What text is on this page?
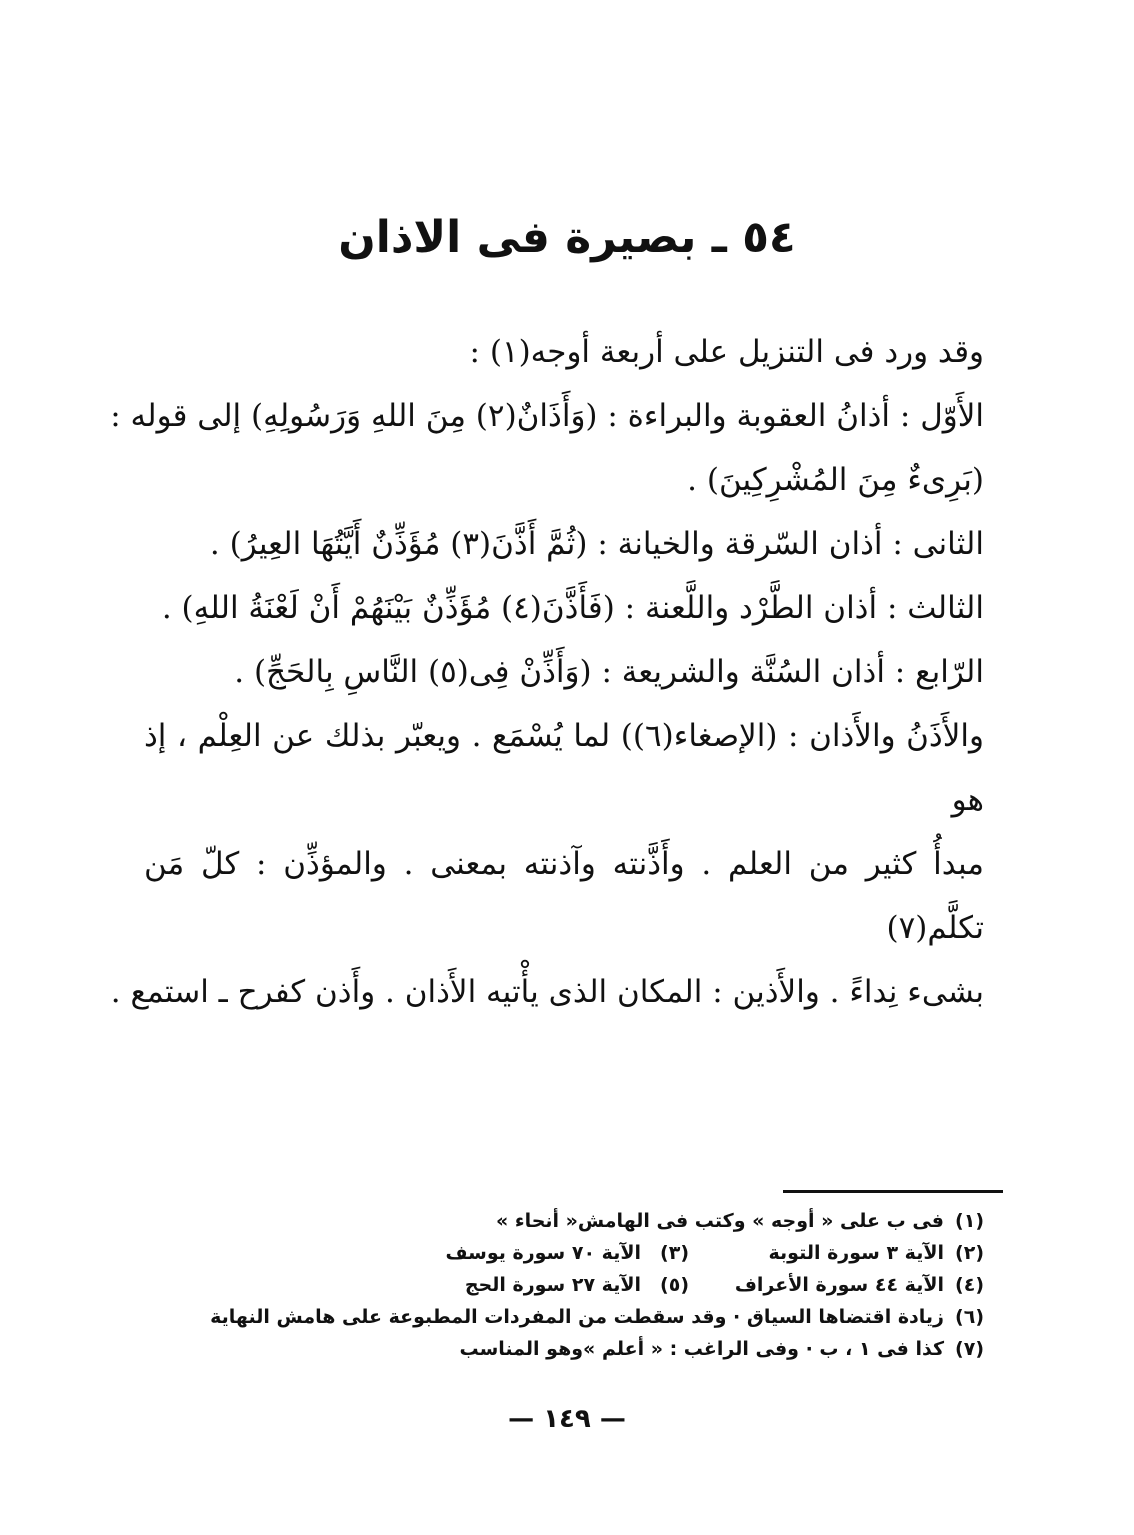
٥٤ ـ بصيرة فى الاذان
وقد ورد فى التنزيل على أربعة أوجه(١) :
الأَوّل : أذانُ العقوبة والبراءة : (وَأَذَانٌ(٢) مِنَ اللهِ وَرَسُولِهِ) إلى قوله :
(بَرِىءٌ مِنَ المُشْرِكِينَ) .
الثانى : أذان السّرقة والخيانة : (ثُمَّ أَذَّنَ(٣) مُؤَذِّنٌ أَيَّتُهَا العِيرُ) .
الثالث : أذان الطَّرْد واللَّعنة : (فَأَذَّنَ(٤) مُؤَذِّنٌ بَيْنَهُمْ أَنْ لَعْنَةُ اللهِ) .
الرّابع : أذان السُنَّة والشريعة : (وَأَذِّنْ فِى(٥) النَّاسِ بِالحَجِّ) .
والأَذَنُ والأَذان : (الإصغاء(٦)) لما يُسْمَع . ويعبّر بذلك عن العِلْم ، إذ هو
مبدأُ كثير من العلم . وأَذَّنته وآذنته بمعنى . والمؤذِّن : كلّ مَن تكلَّم(٧)
بشىء نِداءً . والأَذين : المكان الذى يأْتيه الأَذان . وأَذن كفرح ـ استمع .
(١)
فى ب على « أوجه » وكتب فى الهامش« أنحاء »
(٢)
الآية ٣ سورة التوبة
(٣)
الآية ٧٠ سورة يوسف
(٤)
الآية ٤٤ سورة الأعراف
(٥)
الآية ٢٧ سورة الحج
(٦)
زيادة اقتضاها السياق · وقد سقطت من المفردات المطبوعة على هامش النهاية
(٧)
كذا فى ١ ، ب · وفى الراغب : « أعلم »وهو المناسب
— ١٤٩ —
